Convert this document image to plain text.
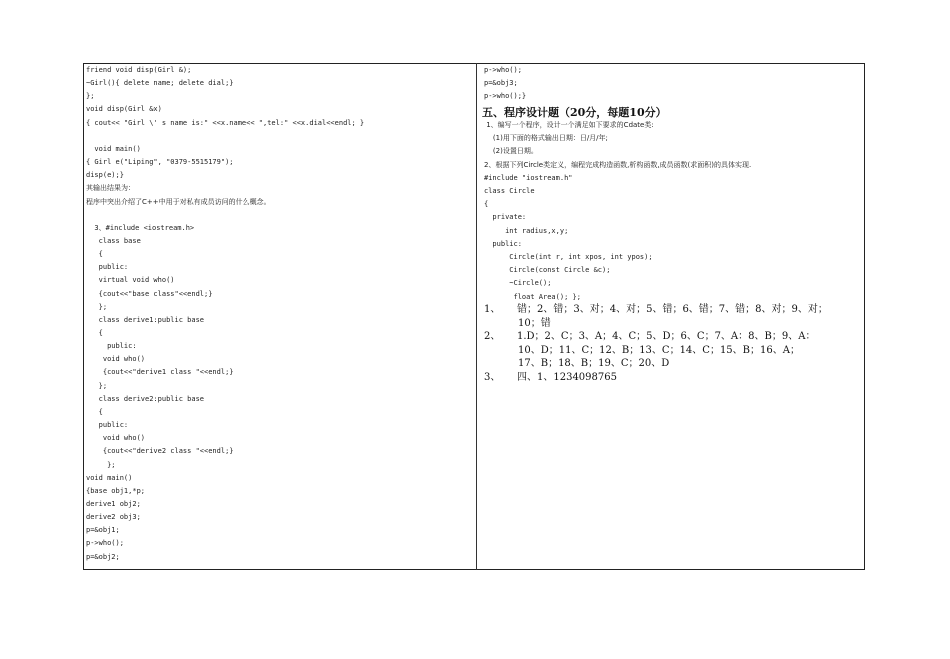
friend void disp(Girl &);
~Girl(){ delete name; delete dial;}
};
void disp(Girl &x)
{ cout<< "Girl \' s name is:" <<x.name<< ",tel:" <<x.dial<<endl; }
void main()
{ Girl e("Liping", "0379-5515179");
disp(e);}
其输出结果为：
程序中突出介绍了C++中用于对私有成员访问的什么概念。
3、#include <iostream.h>
class base
{
public:
virtual void who()
{cout<<"base class"<<endl;}
};
class derive1:public base
{
public:
void who()
{cout<<"derive1 class "<<endl;}
};
class derive2:public base
{
public:
void who()
{cout<<"derive2 class "<<endl;}
};
void main()
{base obj1,*p;
derive1 obj2;
derive2 obj3;
p=&obj1;
p->who();
p=&obj2;
p->who();
p=&obj3;
p->who();}
五、程序设计题（20分，每题10分）
1、编写一个程序，设计一个满足如下要求的Cdate类:
(1)用下面的格式输出日期：日/月/年;
(2)设置日期。
2、根据下列Circle类定义，编程完成构造函数,析构函数,成员函数(求面积)的具体实现.
#include "iostream.h"
class Circle
{
private:
int radius,x,y;
public:
Circle(int r, int xpos, int ypos);
Circle(const Circle &c);
~Circle();
float Area(); };
1、 错；2、错；3、对；4、对；5、错；6、错；7、错；8、对；9、对；
10；错
2、 1.D；2、C；3、A；4、C；5、D；6、C；7、A：8、B；9、A：
10、D；11、C；12、B；13、C；14、C；15、B；16、A；
17、B；18、B；19、C；20、D
3、 四、1、1234098765
